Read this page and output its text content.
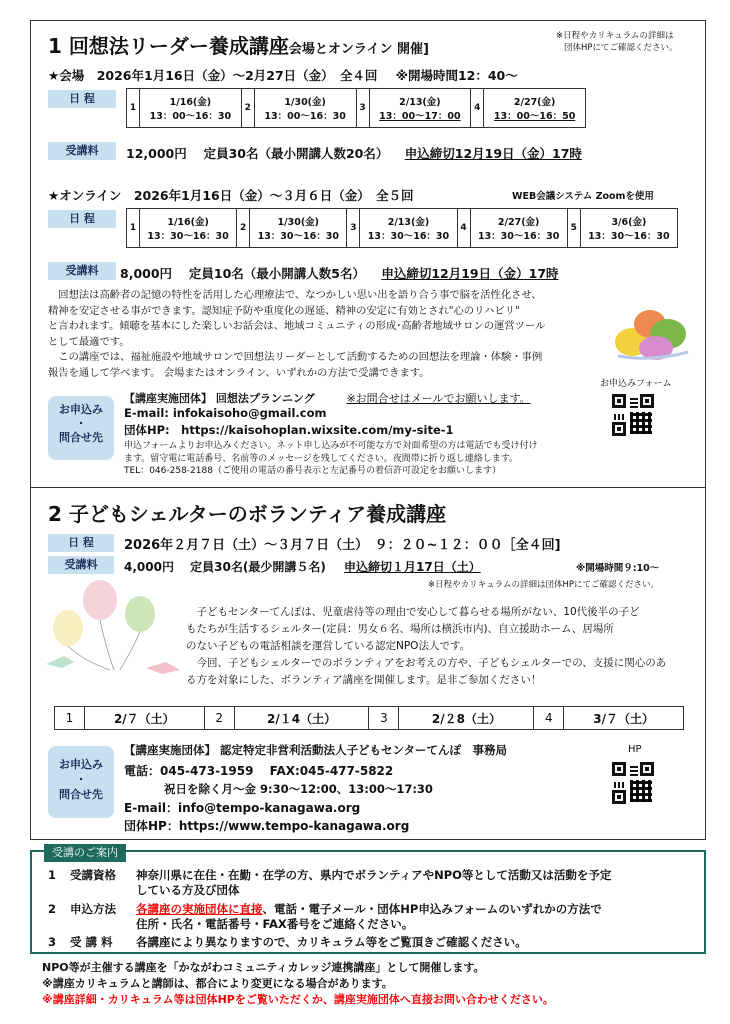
1 回想法リーダー養成講座会場とオンライン 開催]
※日程やカリキュラムの詳細は
団体HPにてご確認ください。
★会場　2026年1月16日（金）～2月27日（金）　全４回 ※開場時間12：40～
日 程
1	1/16(金)
13：00～16：30
	2	1/30(金)
13：00～16：30
	3	2/13(金)
13：00～17：00
	4	2/27(金)
13：00～16：50
受講料	12,000円　 定員30名（最小開講人数20名） 申込締切12月19日（金）17時
★オンライン　2026年1月16日（金）～３月６日（金）　全５回	WEB会議システム Zoomを使用
日 程
1	1/16(金)
13：30～16：30
	2	1/30(金)
13：30～16：30
	3	2/13(金)
13：30～16：30
	4	2/27(金)
13：30～16：30
	5	3/6(金)
13：30～16：30
受講料	8,000円　 定員10名（最小開講人数5名） 申込締切12月19日（金）17時
　回想法は高齢者の記憶の特性を活用した心理療法で、なつかしい思い出を語り合う事で脳を活性化させ、
精神を安定させる事ができます。認知症予防や重度化の遅延、精神の安定に有効とされ"心のリハビリ"
と言われます。傾聴を基本にした楽しいお話会は、地域コミュニティの形成･高齢者地域サロンの運営ツール
として最適です。
　この講座では、福祉施設や地域サロンで回想法リーダーとして活動するための回想法を理論・体験・事例
報告を通して学べます。 会場またはオンライン、いずれかの方法で受講できます。
お申込みフォーム
お申込み
・
問合せ先
【講座実施団体】 回想法プランニング	※お問合せはメールでお願いします。
E-mail: infokaisoho@gmail.com
団体HP:　https://kaisohoplan.wixsite.com/my-site-1
申込フォームよりお申込みください。ネット申し込みが不可能な方で対面希望の方は電話でも受け付け
ます。留守電に電話番号、名前等のメッセージを残してください。夜間帯に折り返し連絡します。
TEL：046-258-2188（ご使用の電話の番号表示と左記番号の着信許可設定をお願いします）
2 子どもシェルターのボランティア養成講座
日 程	2026年２月７日（土）～３月７日（土）　９：２０~１２：００［全４回]
受講料	4,000円　 定員30名(最少開講５名) 申込締切１月17日（土）	※開場時間９:10～
※日程やカリキュラムの詳細は団体HPにてご確認ください。
　子どもセンターてんぽは、児童虐待等の理由で安心して暮らせる場所がない、10代後半の子ど
もたちが生活するシェルター(定員：男女６名、場所は横浜市内)、自立援助ホーム、居場所
のない子どもの電話相談を運営している認定NPO法人です。
　今回、子どもシェルターでのボランティアをお考えの方や、子どもシェルターでの、支援に関心のあ
る方を対象にした、ボランティア講座を開催します。是非ご参加ください！
1	2/７（土）	2	2/１4（土）	3	2/２8（土）	4	3/７（土）
お申込み
・
問合せ先
【講座実施団体】 認定特定非営利活動法人子どもセンターてんぽ　事務局
電話：045-473-1959　 FAX:045-477-5822
祝日を除く月～金 9:30～12:00、13:00～17:30
E-mail：info@tempo-kanagawa.org
団体HP：https://www.tempo-kanagawa.org
HP
受講のご案内
1 受講資格 神奈川県に在住・在勤・在学の方、県内でボランティアやNPO等として活動又は活動を予定
している方及び団体
2 申込方法 各講座の実施団体に直接、電話・電子メール・団体HP申込みフォームのいずれかの方法で
住所・氏名・電話番号・FAX番号をご連絡ください。
3 受 講 料 各講座により異なりますので、カリキュラム等をご覧頂きご確認ください。
NPO等が主催する講座を「かながわコミュニティカレッジ連携講座」として開催します。
※講座カリキュラムと講師は、都合により変更になる場合があります。
※講座詳細・カリキュラム等は団体HPをご覧いただくか、講座実施団体へ直接お問い合わせください。
